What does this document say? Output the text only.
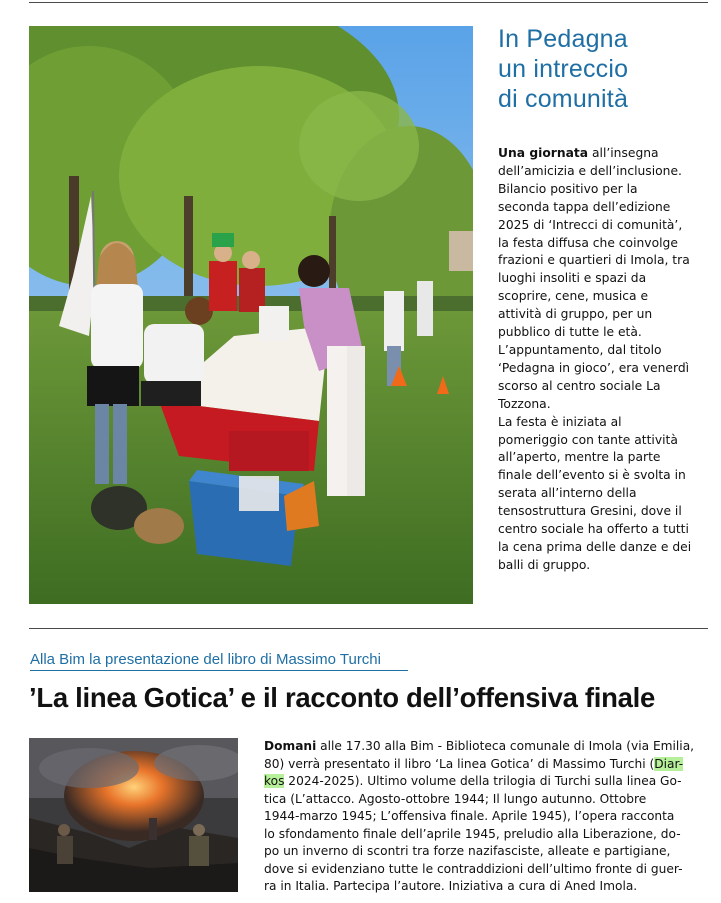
In Pedagna
un intreccio
di comunità
Una giornata all’insegna
dell’amicizia e dell’inclusione.
Bilancio positivo per la
seconda tappa dell’edizione
2025 di ‘Intrecci di comunità’,
la festa diffusa che coinvolge
frazioni e quartieri di Imola, tra
luoghi insoliti e spazi da
scoprire, cene, musica e
attività di gruppo, per un
pubblico di tutte le età.
L’appuntamento, dal titolo
‘Pedagna in gioco’, era venerdì
scorso al centro sociale La
Tozzona.
La festa è iniziata al
pomeriggio con tante attività
all’aperto, mentre la parte
finale dell’evento si è svolta in
serata all’interno della
tensostruttura Gresini, dove il
centro sociale ha offerto a tutti
la cena prima delle danze e dei
balli di gruppo.
Alla Bim la presentazione del libro di Massimo Turchi
’La linea Gotica’ e il racconto dell’offensiva finale
Domani alle 17.30 alla Bim - Biblioteca comunale di Imola (via Emilia,
80) verrà presentato il libro ‘La linea Gotica’ di Massimo Turchi (Diar-
kos 2024-2025). Ultimo volume della trilogia di Turchi sulla linea Go-
tica (L’attacco. Agosto-ottobre 1944; Il lungo autunno. Ottobre
1944-marzo 1945; L’offensiva finale. Aprile 1945), l’opera racconta
lo sfondamento finale dell’aprile 1945, preludio alla Liberazione, do-
po un inverno di scontri tra forze nazifasciste, alleate e partigiane,
dove si evidenziano tutte le contraddizioni dell’ultimo fronte di guer-
ra in Italia. Partecipa l’autore. Iniziativa a cura di Aned Imola.
